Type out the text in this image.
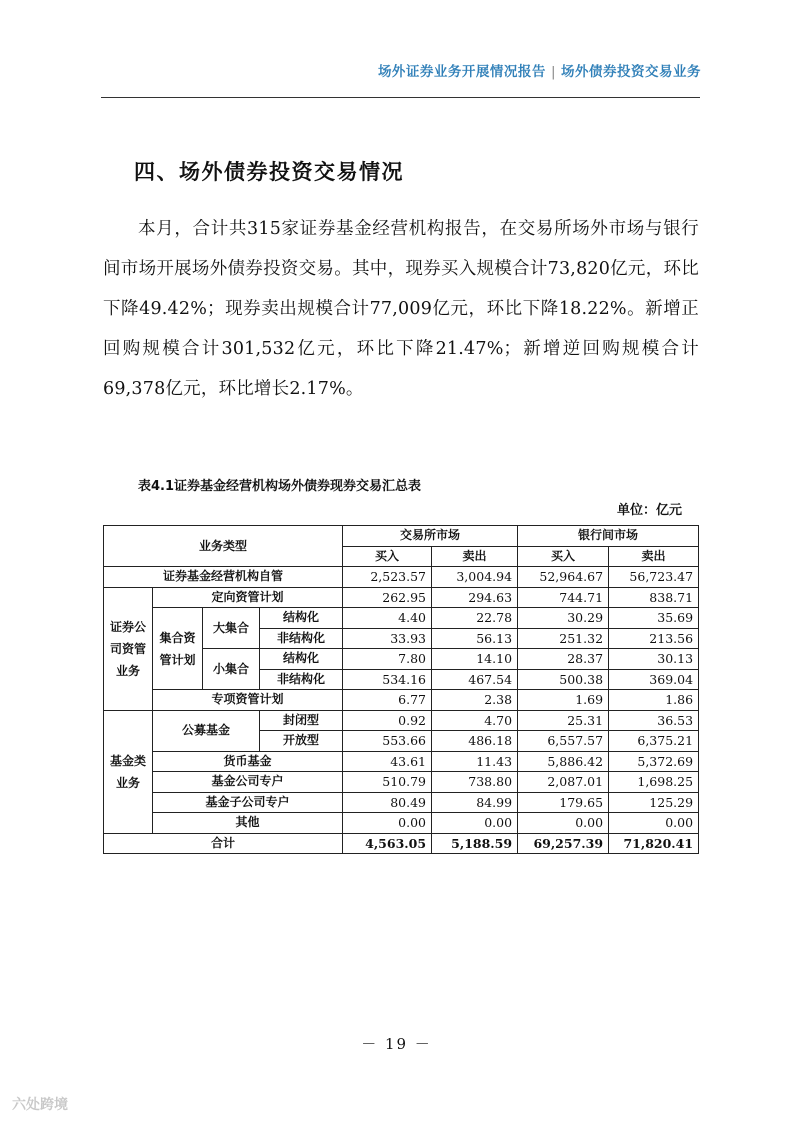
场外证券业务开展情况报告 | 场外债券投资交易业务
四、场外债券投资交易情况
本月，合计共315家证券基金经营机构报告，在交易所场外市场与银行间市场开展场外债券投资交易。其中，现券买入规模合计73,820亿元，环比下降49.42%；现券卖出规模合计77,009亿元，环比下降18.22%。新增正回购规模合计301,532亿元，环比下降21.47%；新增逆回购规模合计69,378亿元，环比增长2.17%。
表4.1证券基金经营机构场外债券现券交易汇总表
单位：亿元
业务类型				交易所市场		银行间市场	
				买入	卖出	买入	卖出
证券基金经营机构自管				2,523.57	3,004.94	52,964.67	56,723.47
证券公司资管业务	定向资管计划			262.95	294.63	744.71	838.71
	集合资管计划	大集合	结构化	4.40	22.78	30.29	35.69
			非结构化	33.93	56.13	251.32	213.56
		小集合	结构化	7.80	14.10	28.37	30.13
			非结构化	534.16	467.54	500.38	369.04
	专项资管计划			6.77	2.38	1.69	1.86
基金类业务	公募基金		封闭型	0.92	4.70	25.31	36.53
			开放型	553.66	486.18	6,557.57	6,375.21
	货币基金			43.61	11.43	5,886.42	5,372.69
	基金公司专户			510.79	738.80	2,087.01	1,698.25
	基金子公司专户			80.49	84.99	179.65	125.29
	其他			0.00	0.00	0.00	0.00
合计				4,563.05	5,188.59	69,257.39	71,820.41
－ 19 －
六处跨境
